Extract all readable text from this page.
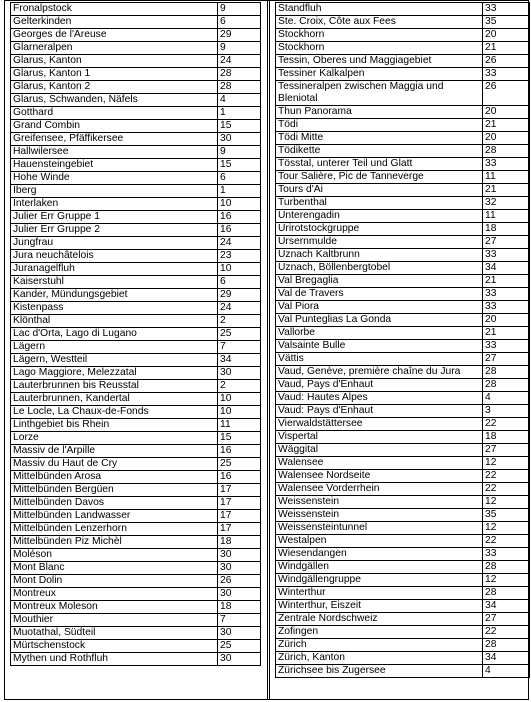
Fronalpstock	9
Gelterkinden	6
Georges de l'Areuse	29
Glarneralpen	9
Glarus, Kanton	24
Glarus, Kanton 1	28
Glarus, Kanton 2	28
Glarus, Schwanden, Näfels	4
Gotthard	1
Grand Combin	15
Greifensee, Pfäffikersee	30
Hallwilersee	9
Hauensteingebiet	15
Hohe Winde	6
Iberg	1
Interlaken	10
Julier Err Gruppe 1	16
Julier Err Gruppe 2	16
Jungfrau	24
Jura neuchâtelois	23
Juranagelfluh	10
Kaiserstuhl	6
Kander, Mündungsgebiet	29
Kistenpass	24
Klönthal	2
Lac d'Orta, Lago di Lugano	25
Lägern	7
Lägern, Westteil	34
Lago Maggiore, Melezzatal	30
Lauterbrunnen bis Reusstal	2
Lauterbrunnen, Kandertal	10
Le Locle, La Chaux-de-Fonds	10
Linthgebiet bis Rhein	11
Lorze	15
Massiv de l'Arpille	16
Massiv du Haut de Cry	25
Mittelbünden Arosa	16
Mittelbünden Bergüen	17
Mittelbünden Davos	17
Mittelbünden Landwasser	17
Mittelbünden Lenzerhorn	17
Mittelbünden Piz Michèl	18
Moléson	30
Mont Blanc	30
Mont Dolin	26
Montreux	30
Montreux Moleson	18
Mouthier	7
Muotathal, Südteil	30
Mürtschenstock	25
Mythen und Rothfluh	30
Standfluh	33
Ste. Croix, Côte aux Fees	35
Stockhorn	20
Stockhorn	21
Tessin, Oberes und Maggiagebiet	26
Tessiner Kalkalpen	33
Tessineralpen zwischen Maggia und Bleniotal	26
Thun Panorama	20
Tödi	21
Tödi Mitte	20
Tödikette	28
Tösstal, unterer Teil und Glatt	33
Tour Salière, Pic de Tanneverge	11
Tours d'Ai	21
Turbenthal	32
Unterengadin	11
Urirotstockgruppe	18
Ursernmulde	27
Uznach Kaltbrunn	33
Uznach, Böllenbergtobel	34
Val Bregaglia	21
Val de Travers	33
Val Piora	33
Val Punteglias La Gonda	20
Vallorbe	21
Valsainte Bulle	33
Vättis	27
Vaud, Genève, première chaîne du Jura	28
Vaud, Pays d'Enhaut	28
Vaud: Hautes Alpes	4
Vaud: Pays d'Enhaut	3
Vierwaldstättersee	22
Vispertal	18
Wäggital	27
Walensee	12
Walensee Nordseite	22
Walensee Vorderrhein	22
Weissenstein	12
Weissenstein	35
Weissensteintunnel	12
Westalpen	22
Wiesendangen	33
Windgällen	28
Windgällengruppe	12
Winterthur	28
Winterthur, Eiszeit	34
Zentrale Nordschweiz	27
Zofingen	22
Zürich	28
Zürich, Kanton	34
Zürichsee bis Zugersee	4
